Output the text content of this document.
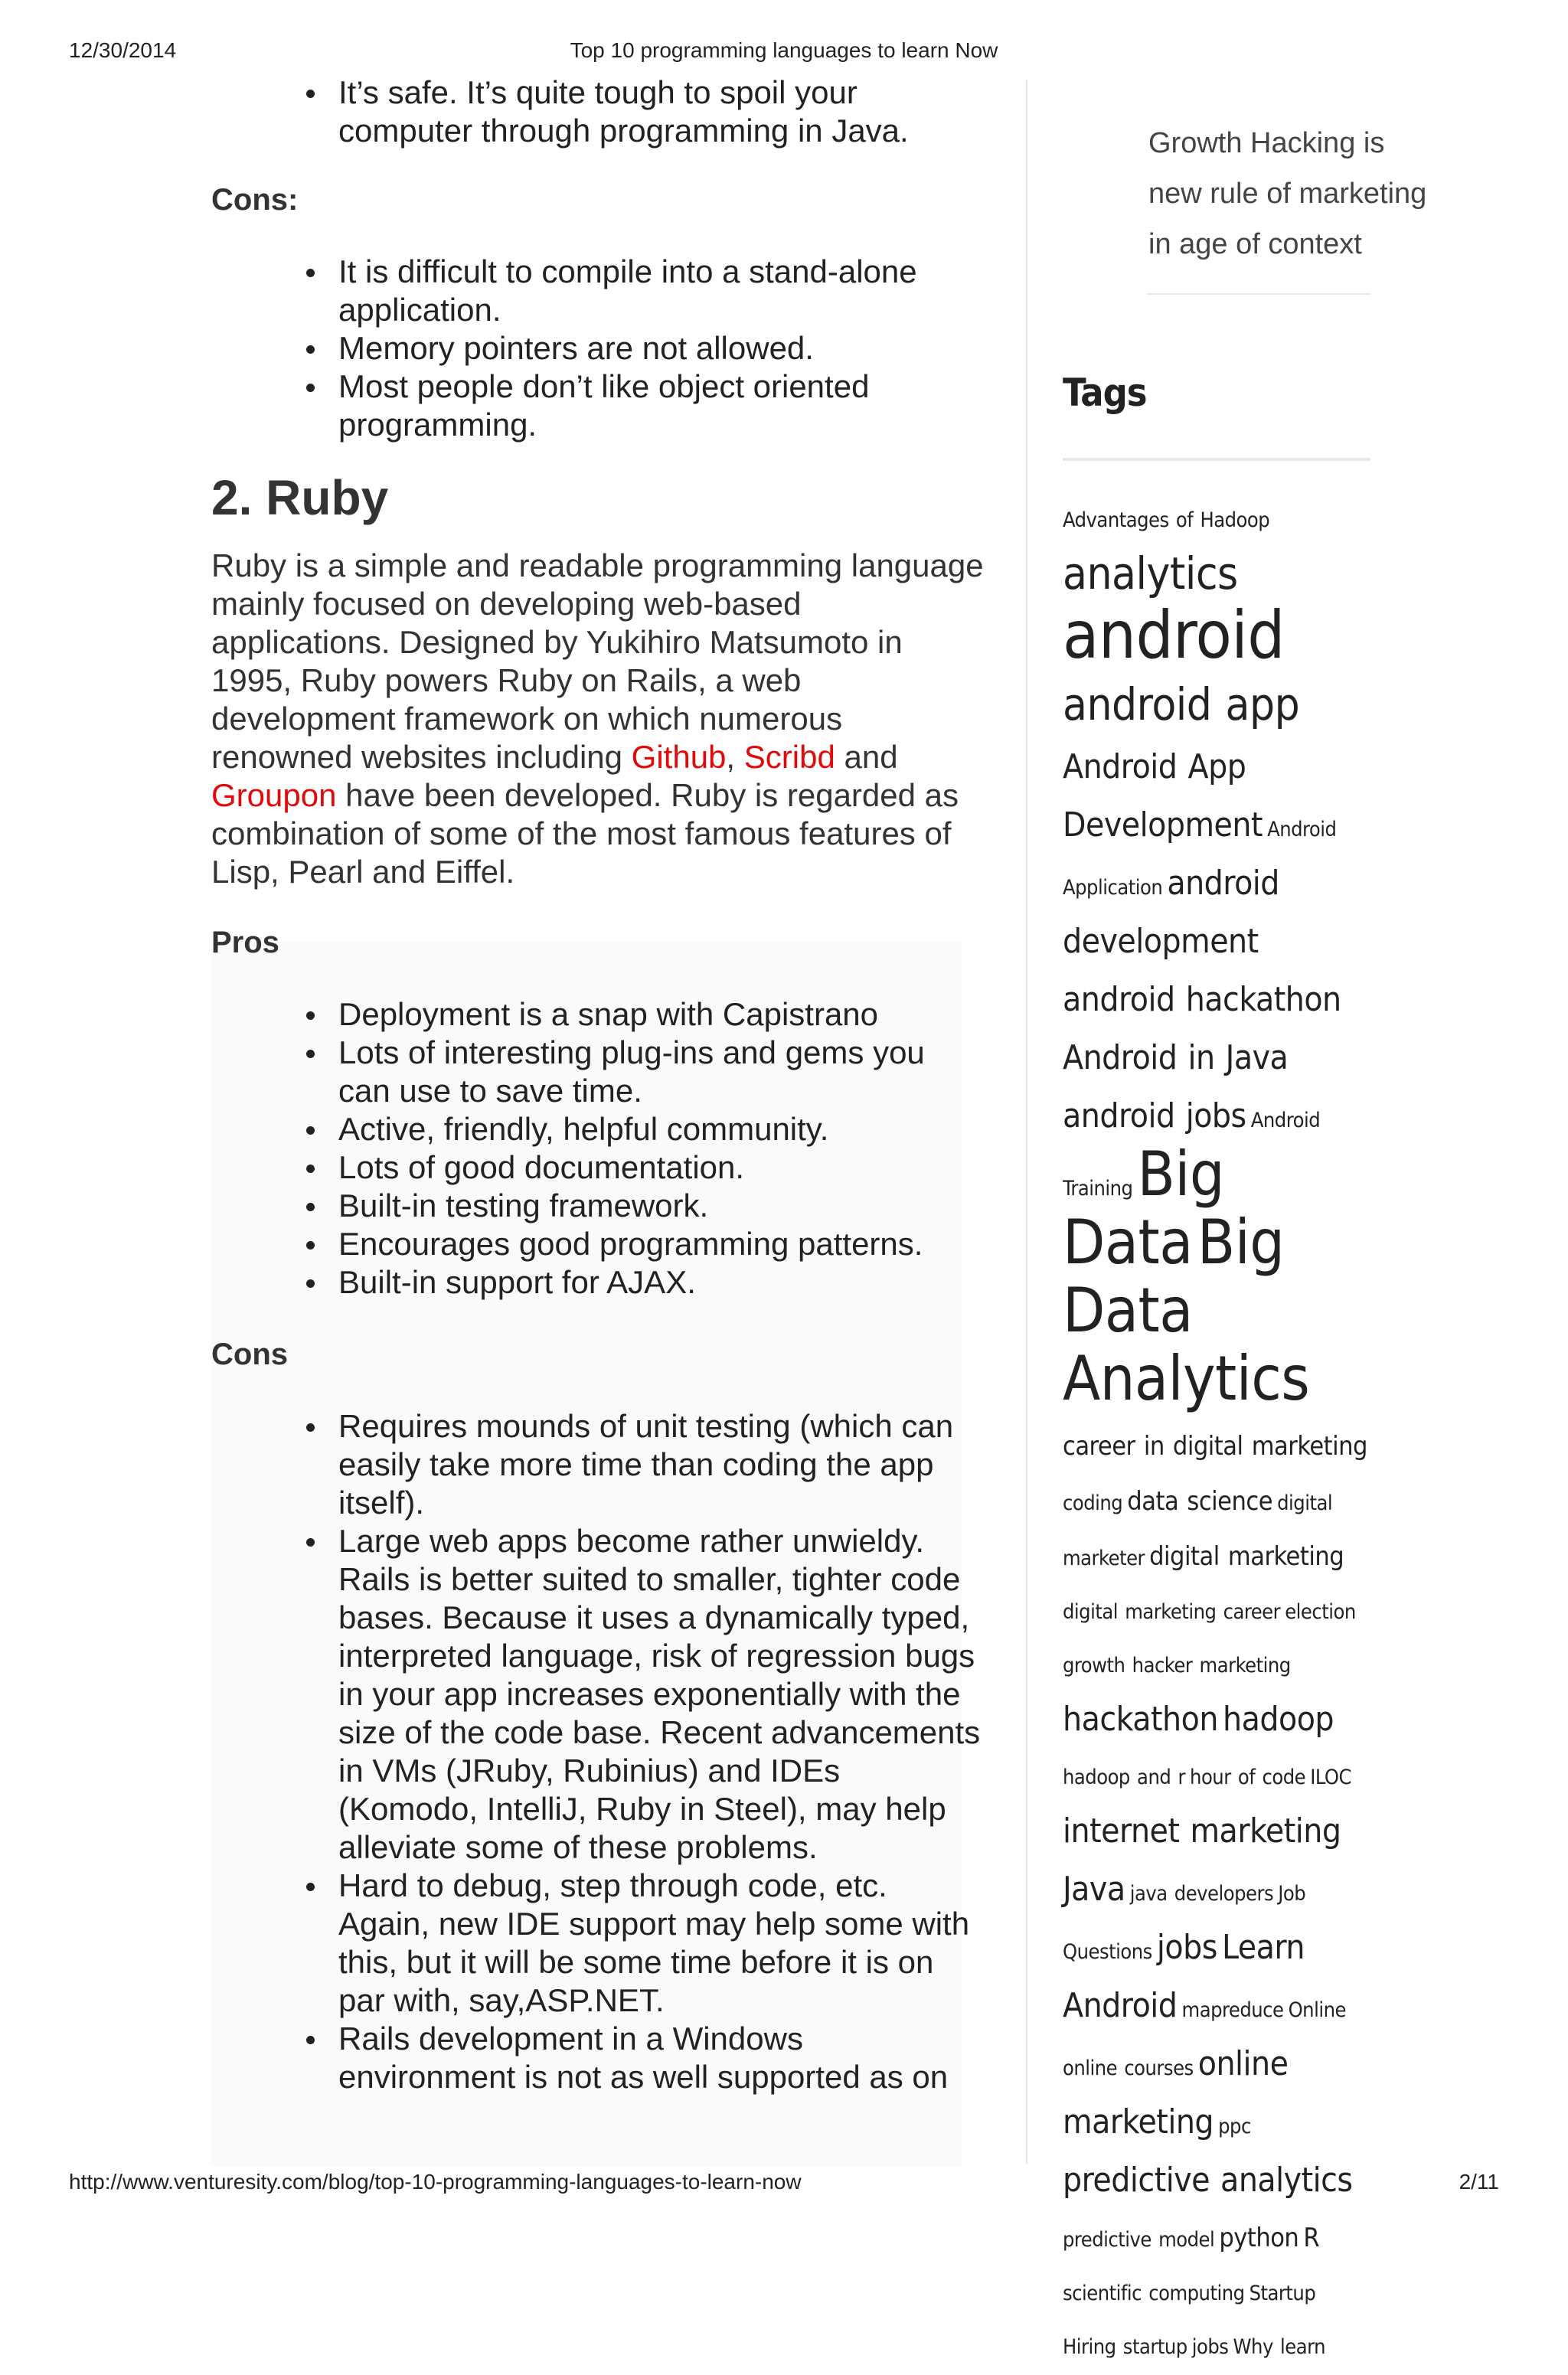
12/30/2014	Top 10 programming languages to learn Now
It’s safe. It’s quite tough to spoil your computer through programming in Java.
Cons:
It is difficult to compile into a stand-alone application.
Memory pointers are not allowed.
Most people don’t like object oriented programming.
2. Ruby
Ruby is a simple and readable programming language mainly focused on developing web-based applications. Designed by Yukihiro Matsumoto in 1995, Ruby powers Ruby on Rails, a web development framework on which numerous renowned websites including Github, Scribd and Groupon have been developed. Ruby is regarded as combination of some of the most famous features of Lisp, Pearl and Eiffel.
Pros
Deployment is a snap with Capistrano
Lots of interesting plug-ins and gems you can use to save time.
Active, friendly, helpful community.
Lots of good documentation.
Built-in testing framework.
Encourages good programming patterns.
Built-in support for AJAX.
Cons
Requires mounds of unit testing (which can easily take more time than coding the app itself).
Large web apps become rather unwieldy. Rails is better suited to smaller, tighter code bases. Because it uses a dynamically typed, interpreted language, risk of regression bugs in your app increases exponentially with the size of the code base. Recent advancements in VMs (JRuby, Rubinius) and IDEs (Komodo, IntelliJ, Ruby in Steel), may help alleviate some of these problems.
Hard to debug, step through code, etc. Again, new IDE support may help some with this, but it will be some time before it is on par with, say,ASP.NET.
Rails development in a Windows environment is not as well supported as on
Growth Hacking is
new rule of marketing
in age of context
Tags
Advantages of Hadoop analytics android android app Android App Development Android Application android development android hackathon Android in Java android jobs Android Training Big Data Big Data Analytics career in digital marketing coding data science digital marketer digital marketing digital marketing career election growth hacker marketing hackathon hadoop hadoop and r hour of code ILOC internet marketing Java java developers Job Questions jobs Learn Android mapreduce Online online courses online marketing ppc predictive analytics predictive model python R scientific computing Startup Hiring startup jobs Why learn
http://www.venturesity.com/blog/top-10-programming-languages-to-learn-now	2/11
